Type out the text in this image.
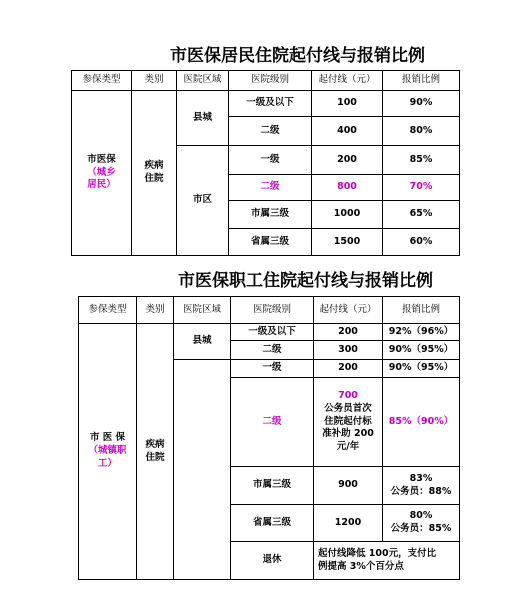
市医保居民住院起付线与报销比例
参保类型	类别	医院区域	医院级别	起付线（元）	报销比例

市医保
（城乡
居民）	疾病
住院	县城	一级及以下	100	90%
			二级	400	80%
		市区	一级	200	85%
			二级	800	70%
			市属三级	1000	65%
			省属三级	1500	60%
市医保职工住院起付线与报销比例
参保类型	类别	医院区域	医院级别	起付线（元）	报销比例

市 医 保
（城镇职
工）	疾病
住院	县城	一级及以下	200	92%（96%）
			二级	300	90%（95%）
			一级	200	90%（95%）
			二级	700
公务员首次
住院起付标
准补助 200
元/年	85%（90%）
			市属三级	900	83%
公务员：88%

			省属三级	1200	80%
公务员：85%

			退休	起付线降低 100元，支付比
例提高 3%个百分点	
